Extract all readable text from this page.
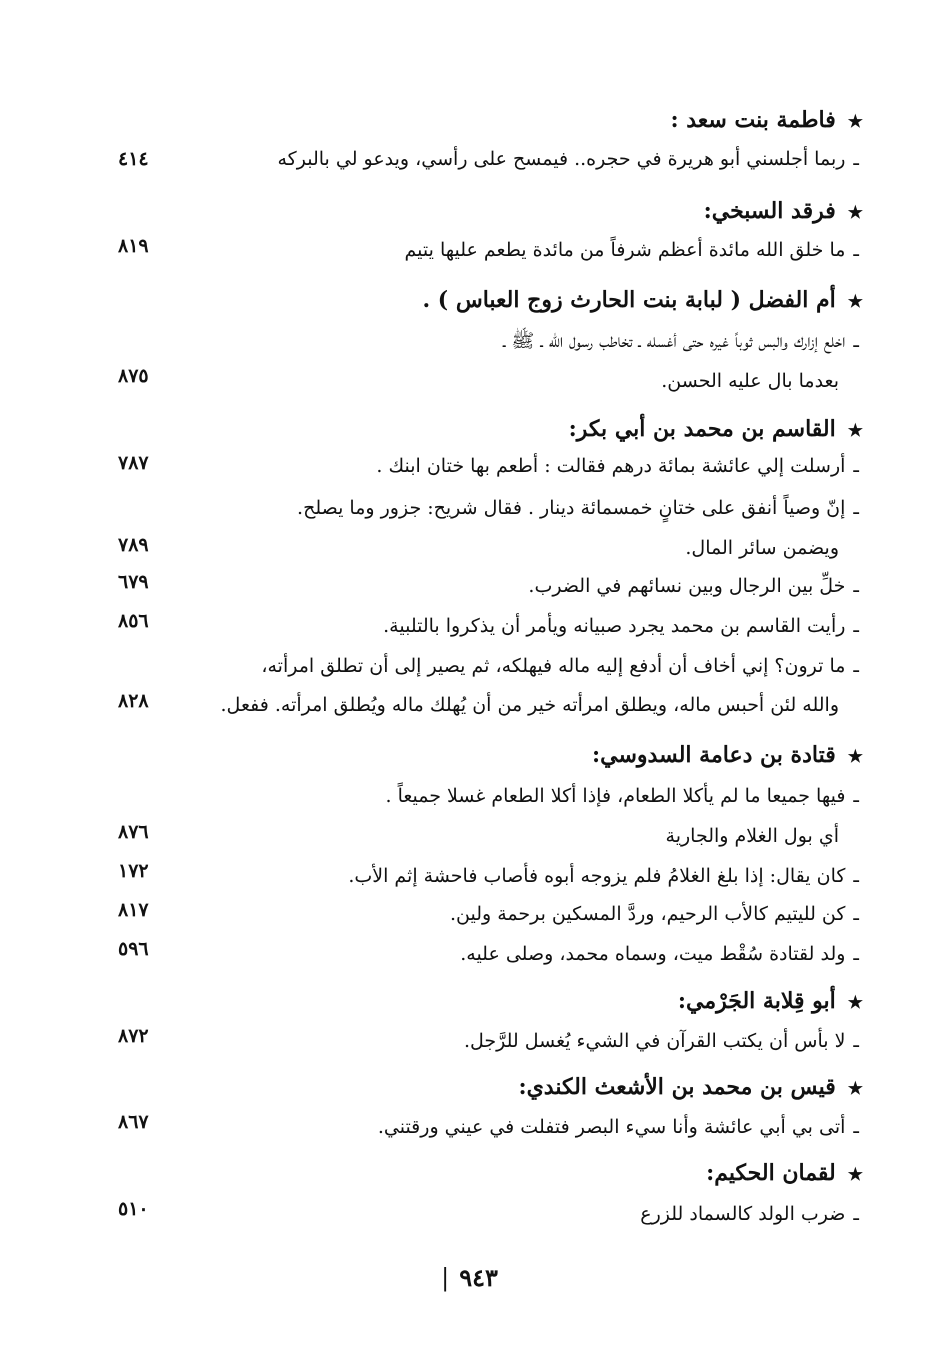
★فاطمة بنت سعد :
ـربما أجلسني أبو هريرة في حجره.. فيمسح على رأسي، ويدعو لي بالبركه
٤١٤
★فرقد السبخي:
ـما خلق الله مائدة أعظم شرفاً من مائدة يطعم عليها يتيم
٨١٩
★أم الفضل ( لبابة بنت الحارث زوج العباس ) .
ـاخلع إزارك والبس ثوباً غيره حتى أغسله ـ تخاطب رسول الله ـ ﷺ ـ
بعدما بال عليه الحسن.
٨٧٥
★القاسم بن محمد بن أبي بكر:
ـأرسلت إلي عائشة بمائة درهم فقالت : أطعم بها ختان ابنك .
٧٨٧
ـإنّ وصياً أنفق على ختانٍ خمسمائة دينار . فقال شريح: جزور وما يصلح.
ويضمن سائر المال.
٧٨٩
ـخلِّ بين الرجال وبين نسائهم في الضرب.
٦٧٩
ـرأيت القاسم بن محمد يجرد صبيانه ويأمر أن يذكروا بالتلبية.
٨٥٦
ـما ترون؟ إني أخاف أن أدفع إليه ماله فيهلكه، ثم يصير إلى أن تطلق امرأته،
والله لئن أحبس ماله، ويطلق امرأته خير من أن يُهلك ماله ويُطلق امرأته. ففعل.
٨٢٨
★قتادة بن دعامة السدوسي:
ـفيها جميعا ما لم يأكلا الطعام، فإذا أكلا الطعام غسلا جميعاً .
أي بول الغلام والجارية
٨٧٦
ـكان يقال: إذا بلغ الغلامُ فلم يزوجه أبوه فأصاب فاحشة إثم الأب.
١٧٢
ـكن لليتيم كالأب الرحيم، وردَّ المسكين برحمة ولين.
٨١٧
ـولد لقتادة سُقْط ميت، وسماه محمد، وصلى عليه.
٥٩٦
★أبو قِلابة الجَرْمي:
ـلا بأس أن يكتب القرآن في الشيء يُغسل للرَّجل.
٨٧٢
★قيس بن محمد بن الأشعث الكندي:
ـأتى بي أبي عائشة وأنا سيء البصر فتفلت في عيني ورقتني.
٨٦٧
★لقمان الحكيم:
ـضرب الولد كالسماد للزرع
٥١٠
٩٤٣|
